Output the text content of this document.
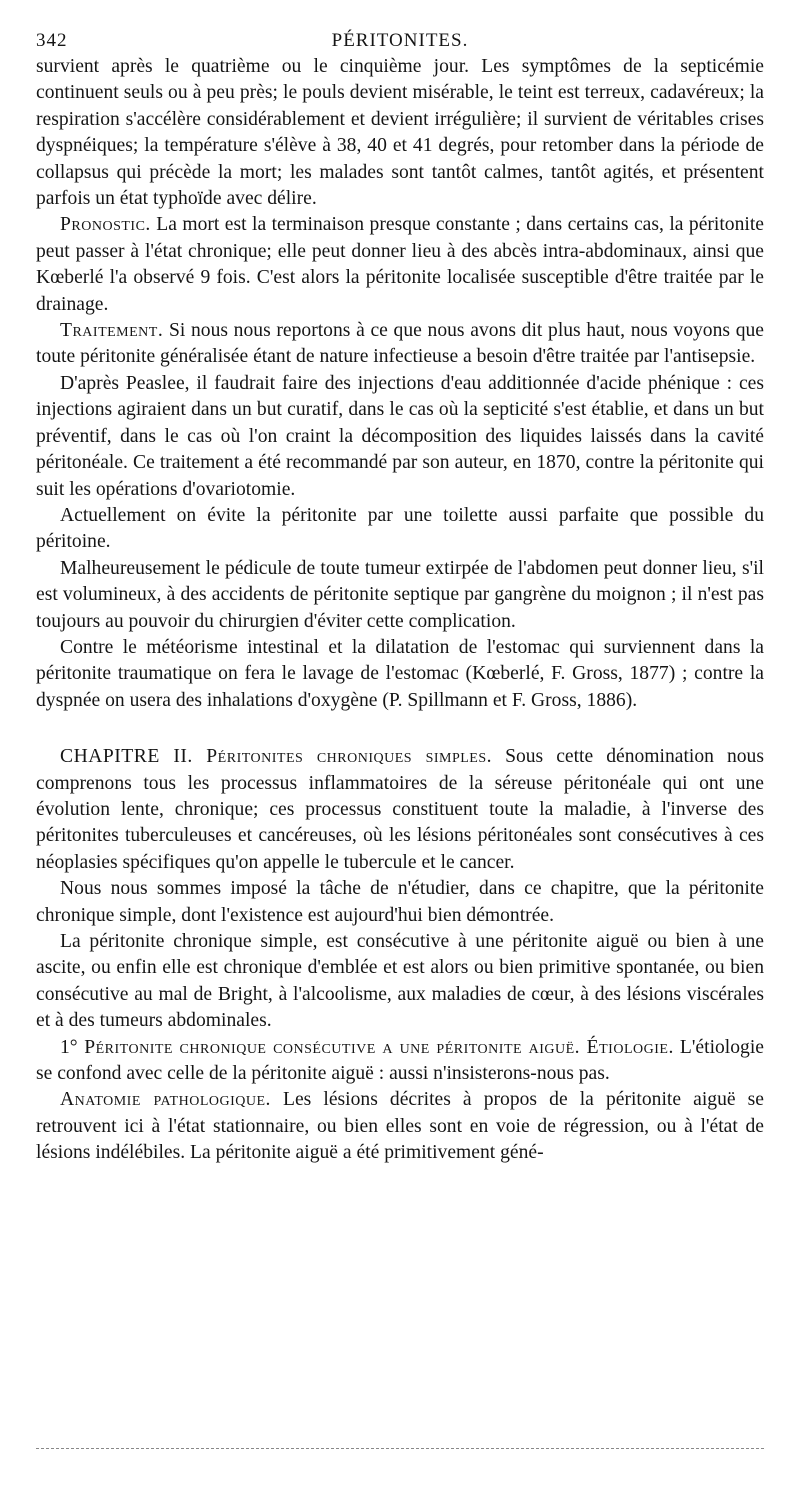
342	PÉRITONITES.

survient après le quatrième ou le cinquième jour. Les symptômes de la septicémie continuent seuls ou à peu près; le pouls devient misérable, le teint est terreux, cadavéreux; la respiration s'accélère considérablement et devient irrégulière; il survient de véritables crises dyspnéiques; la température s'élève à 38, 40 et 41 degrés, pour retomber dans la période de collapsus qui précède la mort; les malades sont tantôt calmes, tantôt agités, et présentent parfois un état typhoïde avec délire.

Pronostic. La mort est la terminaison presque constante ; dans certains cas, la péritonite peut passer à l'état chronique; elle peut donner lieu à des abcès intra-abdominaux, ainsi que Kœberlé l'a observé 9 fois. C'est alors la péritonite localisée susceptible d'être traitée par le drainage.

Traitement. Si nous nous reportons à ce que nous avons dit plus haut, nous voyons que toute péritonite généralisée étant de nature infectieuse a besoin d'être traitée par l'antisepsie.

D'après Peaslee, il faudrait faire des injections d'eau additionnée d'acide phénique : ces injections agiraient dans un but curatif, dans le cas où la septicité s'est établie, et dans un but préventif, dans le cas où l'on craint la décomposition des liquides laissés dans la cavité péritonéale. Ce traitement a été recommandé par son auteur, en 1870, contre la péritonite qui suit les opérations d'ovariotomie.

Actuellement on évite la péritonite par une toilette aussi parfaite que possible du péritoine.

Malheureusement le pédicule de toute tumeur extirpée de l'abdomen peut donner lieu, s'il est volumineux, à des accidents de péritonite septique par gangrène du moignon ; il n'est pas toujours au pouvoir du chirurgien d'éviter cette complication.

Contre le météorisme intestinal et la dilatation de l'estomac qui surviennent dans la péritonite traumatique on fera le lavage de l'estomac (Kœberlé, F. Gross, 1877) ; contre la dyspnée on usera des inhalations d'oxygène (P. Spillmann et F. Gross, 1886).

CHAPITRE II. Péritonites chroniques simples. Sous cette dénomination nous comprenons tous les processus inflammatoires de la séreuse péritonéale qui ont une évolution lente, chronique; ces processus constituent toute la maladie, à l'inverse des péritonites tuberculeuses et cancéreuses, où les lésions péritonéales sont consécutives à ces néoplasies spécifiques qu'on appelle le tubercule et le cancer.

Nous nous sommes imposé la tâche de n'étudier, dans ce chapitre, que la péritonite chronique simple, dont l'existence est aujourd'hui bien démontrée.

La péritonite chronique simple, est consécutive à une péritonite aiguë ou bien à une ascite, ou enfin elle est chronique d'emblée et est alors ou bien primitive spontanée, ou bien consécutive au mal de Bright, à l'alcoolisme, aux maladies de cœur, à des lésions viscérales et à des tumeurs abdominales.

1° Péritonite chronique consécutive a une péritonite aiguë. Étiologie. L'étiologie se confond avec celle de la péritonite aiguë : aussi n'insisterons-nous pas.

Anatomie pathologique. Les lésions décrites à propos de la péritonite aiguë se retrouvent ici à l'état stationnaire, ou bien elles sont en voie de régression, ou à l'état de lésions indélébiles. La péritonite aiguë a été primitivement géné-
